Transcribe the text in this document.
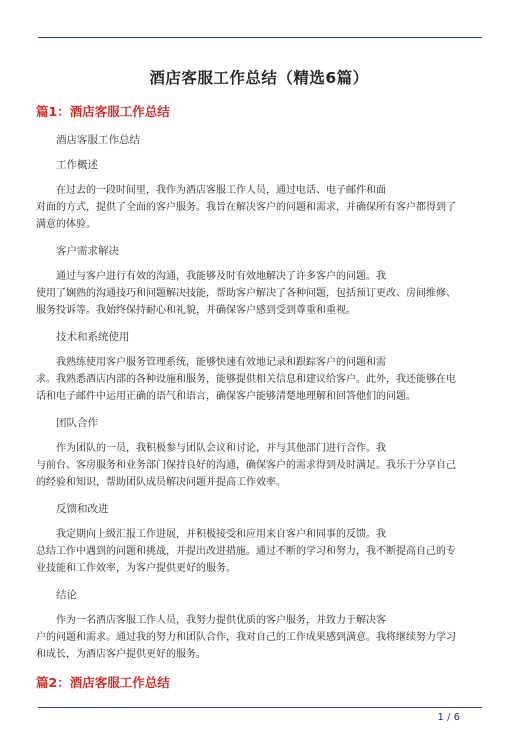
酒店客服工作总结（精选6篇）
篇1：酒店客服工作总结
酒店客服工作总结
工作概述
在过去的一段时间里，我作为酒店客服工作人员，通过电话、电子邮件和面
对面的方式，提供了全面的客户服务。我旨在解决客户的问题和需求，并确保所有客户都得到了
满意的体验。
客户需求解决
通过与客户进行有效的沟通，我能够及时有效地解决了许多客户的问题。我
使用了娴熟的沟通技巧和问题解决技能，帮助客户解决了各种问题，包括预订更改、房间维修、
服务投诉等。我始终保持耐心和礼貌，并确保客户感到受到尊重和重视。
技术和系统使用
我熟练使用客户服务管理系统，能够快速有效地记录和跟踪客户的问题和需
求。我熟悉酒店内部的各种设施和服务，能够提供相关信息和建议给客户。此外，我还能够在电
话和电子邮件中运用正确的语气和语言，确保客户能够清楚地理解和回答他们的问题。
团队合作
作为团队的一员，我积极参与团队会议和讨论，并与其他部门进行合作。我
与前台、客房服务和业务部门保持良好的沟通，确保客户的需求得到及时满足。我乐于分享自己
的经验和知识，帮助团队成员解决问题并提高工作效率。
反馈和改进
我定期向上级汇报工作进展，并积极接受和应用来自客户和同事的反馈。我
总结工作中遇到的问题和挑战，并提出改进措施。通过不断的学习和努力，我不断提高自己的专
业技能和工作效率，为客户提供更好的服务。
结论
作为一名酒店客服工作人员，我努力提供优质的客户服务，并致力于解决客
户的问题和需求。通过我的努力和团队合作，我对自己的工作成果感到满意。我将继续努力学习
和成长，为酒店客户提供更好的服务。
篇2：酒店客服工作总结
1 / 6
